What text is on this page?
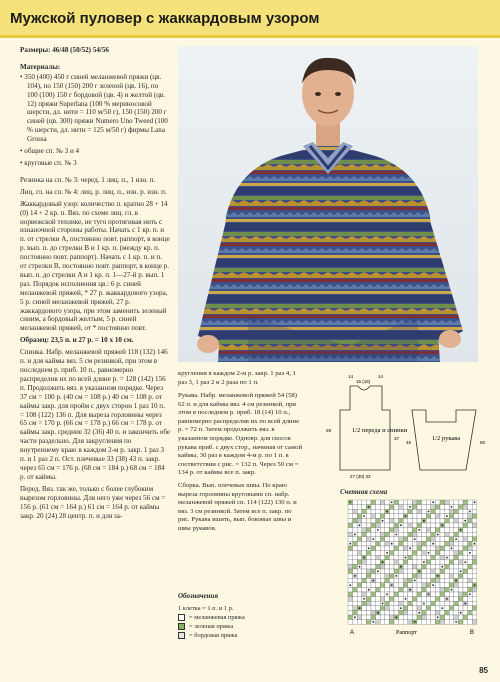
Мужской пуловер с жаккардовым узором

Размеры: 46/48 (50/52) 54/56

Материалы:

• 350 (400) 450 г синей меланжевой пряжи (цв. 104), по 150 (150) 200 г зеленой (цв. 16), по 100 (100) 150 г бордовой (цв. 4) и желтой (цв. 12) пряжи Superlana (100 % мериносовой шерсти, дл. нити = 110 м/50 г), 150 (150) 200 г синей (цв. 300) пряжи Numero Uno Tweed (100 % шерсти, дл. нити = 125 м/50 г) фирмы Lana Grossa

• общие сп. № 3 и 4

• круговые сп. № 3

Резинка на сп. № 3: чеpед. 1 лиц. п., 1 изн. п.

Лиц. гл. на сп. № 4: лиц. р. лиц. п., изн. р. изн. п.

Жаккардовый узор: количество п. кратно 28 + 14 (0) 14 + 2 кр. п. Вяз. по схеме лиц. гл. в норвежской технике, не туго протягивая нить с изнаночной стороны работы. Начать с 1 кр. п. и п. от стрелки A, постоянно повт. раппорт, в конце р. вып. п. до стрелки B и 1 кр. п. (между кр. п. постоянно повт. раппорт). Начать с 1 кр. п. и п. от стрелки B, постоянно повт. раппорт, в конце р. вып. п. до стрелки A и 1 кр. п. 1—27-й р. вып. 1 раз. Порядок исполнения цв.: 6 р. синей меланжевой пряжей, * 27 р. жаккардового узора, 5 р. синей меланжевой пряжей, 27 р. жаккардового узора, при этом заменить зеленый синим, а бордовый желтым, 5 р. синей меланжевой пряжей, от * постоянно повт.

Образец: 23,5 п. и 27 р. = 10 х 10 см.

Спинка. Набр. меланжевой пряжей 118 (132) 146 п. и для каймы вяз. 5 см резинкой, при этом в последнем р. приб. 10 п., равномерно распределив их по всей длине р. = 128 (142) 156 п. Продолжить вяз. в указанном порядке. Через 37 см = 100 р. (40 см = 108 р.) 40 см = 108 р. от каймы закр. для пройм с двух сторон 1 раз 10 п. = 108 (122) 136 п. Для выреза горловины через 65 см = 170 р. (66 см = 178 р.) 66 см = 178 р. от каймы закр. средние 32 (36) 40 п. и закончить обе части раздельно. Для закругления по внутреннему краю в каждом 2-м р. закр. 1 раз 3 п. и 1 раз 2 п. Ост. плечевые 33 (38) 43 п. закр. через 65 см = 176 р. (68 см = 184 р.) 68 см = 184 р. от каймы.

Перед. Вяз. так же, только с более глубоким вырезом горловины. Для него уже через 56 см = 156 р. (61 см = 164 р.) 61 см = 164 р. от каймы закр. 20 (24) 28 центр. п. и для за-

кругления в каждом 2-м р. закр. 1 раз 4, 1 раз 3, 1 раз 2 и 2 раза по 1 п.

Рукава. Набр. меланжевой пряжей 54 (58) 62 п. и для каймы вяз. 4 см резинкой, при этом в последнем р. приб. 18 (14) 10 п., равномерно распределив их по всей длине р. = 72 п. Затем продолжить вяз. в указанном порядке. Одновр. для скосов рукава приб. с двух стор., начиная от самой каймы, 30 раз в каждом 4-м р. по 1 п. в соответствии с рис. = 132 п. Через 50 см = 134 р. от каймы все п. закр.

Сборка. Вып. плечевые швы. По краю выреза горловины круговыми сп. набр. меланжевой пряжей сп. 114 (122) 130 п. и вяз. 3 см резинкой. Затем все п. закр. по рис. Рукава вшить, вып. боковые швы и швы рукавов.

Обозначения
1 клетка = 1 п. и 1 р.
= меланжевая пряжа
= зеленая пряжа
= бордовая пряжа
1/2 переда и спинки
1/2 рукава
14
15 (16)
14
28
37
27 (30) 33
45	50
Счетная схема
Раппорт
A	B
85
